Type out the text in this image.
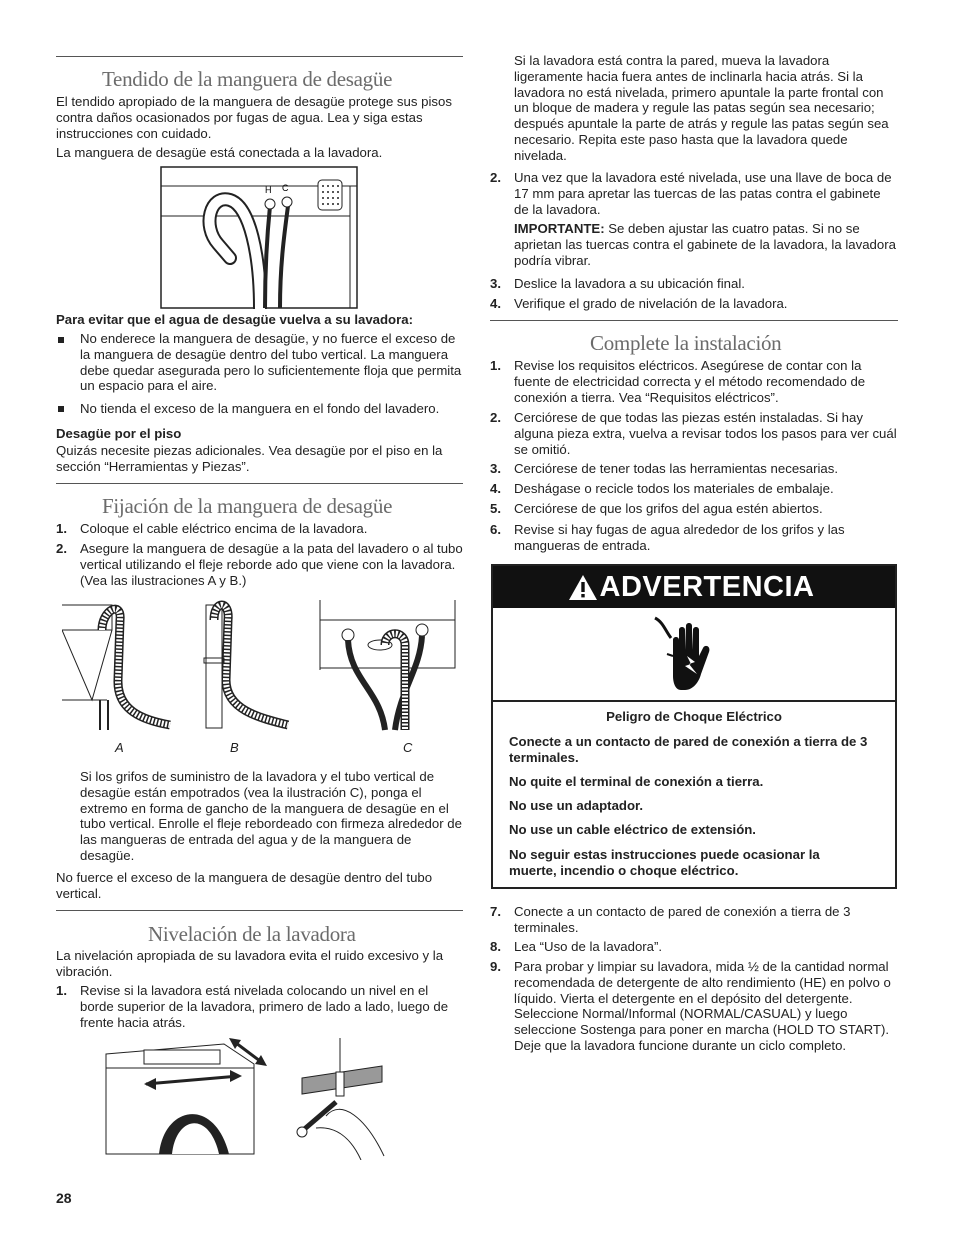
Tendido de la manguera de desagüe
El tendido apropiado de la manguera de desagüe protege sus pisos contra daños ocasionados por fugas de agua. Lea y siga estas instrucciones con cuidado.
La manguera de desagüe está conectada a la lavadora.
H C
Para evitar que el agua de desagüe vuelva a su lavadora:
No enderece la manguera de desagüe, y no fuerce el exceso de la manguera de desagüe dentro del tubo vertical. La manguera debe quedar asegurada pero lo suficientemente floja que permita un espacio para el aire.
No tienda el exceso de la manguera en el fondo del lavadero.
Desagüe por el piso
Quizás necesite piezas adicionales. Vea desagüe por el piso en la sección “Herramientas y Piezas”.
Fijación de la manguera de desagüe
1. Coloque el cable eléctrico encima de la lavadora.
2. Asegure la manguera de desagüe a la pata del lavadero o al tubo vertical utilizando el fleje reborde ado que viene con la lavadora. (Vea las ilustraciones A y B.)
A	B	C
Si los grifos de suministro de la lavadora y el tubo vertical de desagüe están empotrados (vea la ilustración C), ponga el extremo en forma de gancho de la manguera de desagüe en el tubo vertical. Enrolle el fleje rebordeado con firmeza alrededor de las mangueras de entrada del agua y de la manguera de desagüe.
No fuerce el exceso de la manguera de desagüe dentro del tubo vertical.
Nivelación de la lavadora
La nivelación apropiada de su lavadora evita el ruido excesivo y la vibración.
1. Revise si la lavadora está nivelada colocando un nivel en el borde superior de la lavadora, primero de lado a lado, luego de frente hacia atrás.
28
Si la lavadora está contra la pared, mueva la lavadora ligeramente hacia fuera antes de inclinarla hacia atrás. Si la lavadora no está nivelada, primero apuntale la parte frontal con un bloque de madera y regule las patas según sea necesario; después apuntale la parte de atrás y regule las patas según sea necesario. Repita este paso hasta que la lavadora quede nivelada.
2. Una vez que la lavadora esté nivelada, use una llave de boca de 17 mm para apretar las tuercas de las patas contra el gabinete de la lavadora.
IMPORTANTE: Se deben ajustar las cuatro patas. Si no se aprietan las tuercas contra el gabinete de la lavadora, la lavadora podría vibrar.
3. Deslice la lavadora a su ubicación final.
4. Verifique el grado de nivelación de la lavadora.
Complete la instalación
1. Revise los requisitos eléctricos. Asegúrese de contar con la fuente de electricidad correcta y el método recomendado de conexión a tierra. Vea “Requisitos eléctricos”.
2. Cerciórese de que todas las piezas estén instaladas. Si hay alguna pieza extra, vuelva a revisar todos los pasos para ver cuál se omitió.
3. Cerciórese de tener todas las herramientas necesarias.
4. Deshágase o recicle todos los materiales de embalaje.
5. Cerciórese de que los grifos del agua estén abiertos.
6. Revise si hay fugas de agua alrededor de los grifos y las mangueras de entrada.
ADVERTENCIA
Peligro de Choque Eléctrico
Conecte a un contacto de pared de conexión a tierra de 3 terminales.
No quite el terminal de conexión a tierra.
No use un adaptador.
No use un cable eléctrico de extensión.
No seguir estas instrucciones puede ocasionar la muerte, incendio o choque eléctrico.
7. Conecte a un contacto de pared de conexión a tierra de 3 terminales.
8. Lea “Uso de la lavadora”.
9. Para probar y limpiar su lavadora, mida ½ de la cantidad normal recomendada de detergente de alto rendimiento (HE) en polvo o líquido. Vierta el detergente en el depósito del detergente. Seleccione Normal/Informal (NORMAL/CASUAL) y luego seleccione Sostenga para poner en marcha (HOLD TO START). Deje que la lavadora funcione durante un ciclo completo.
